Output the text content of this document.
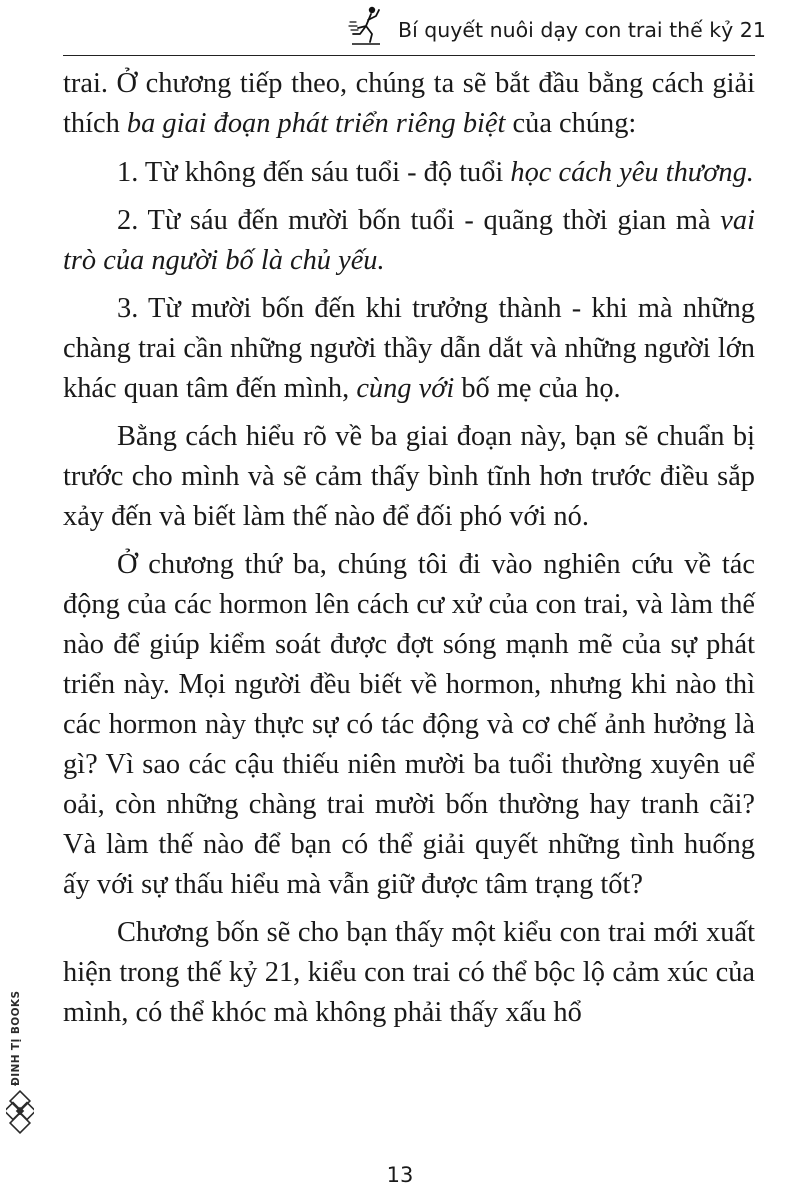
Bí quyết nuôi dạy con trai thế kỷ 21

trai. Ở chương tiếp theo, chúng ta sẽ bắt đầu bằng cách giải thích ba giai đoạn phát triển riêng biệt của chúng:

1. Từ không đến sáu tuổi - độ tuổi học cách yêu thương.

2. Từ sáu đến mười bốn tuổi - quãng thời gian mà vai trò của người bố là chủ yếu.

3. Từ mười bốn đến khi trưởng thành - khi mà những chàng trai cần những người thầy dẫn dắt và những người lớn khác quan tâm đến mình, cùng với bố mẹ của họ.

Bằng cách hiểu rõ về ba giai đoạn này, bạn sẽ chuẩn bị trước cho mình và sẽ cảm thấy bình tĩnh hơn trước điều sắp xảy đến và biết làm thế nào để đối phó với nó.

Ở chương thứ ba, chúng tôi đi vào nghiên cứu về tác động của các hormon lên cách cư xử của con trai, và làm thế nào để giúp kiểm soát được đợt sóng mạnh mẽ của sự phát triển này. Mọi người đều biết về hormon, nhưng khi nào thì các hormon này thực sự có tác động và cơ chế ảnh hưởng là gì? Vì sao các cậu thiếu niên mười ba tuổi thường xuyên uể oải, còn những chàng trai mười bốn thường hay tranh cãi? Và làm thế nào để bạn có thể giải quyết những tình huống ấy với sự thấu hiểu mà vẫn giữ được tâm trạng tốt?

Chương bốn sẽ cho bạn thấy một kiểu con trai mới xuất hiện trong thế kỷ 21, kiểu con trai có thể bộc lộ cảm xúc của mình, có thể khóc mà không phải thấy xấu hổ

13
ĐINH TỊ BOOKS
